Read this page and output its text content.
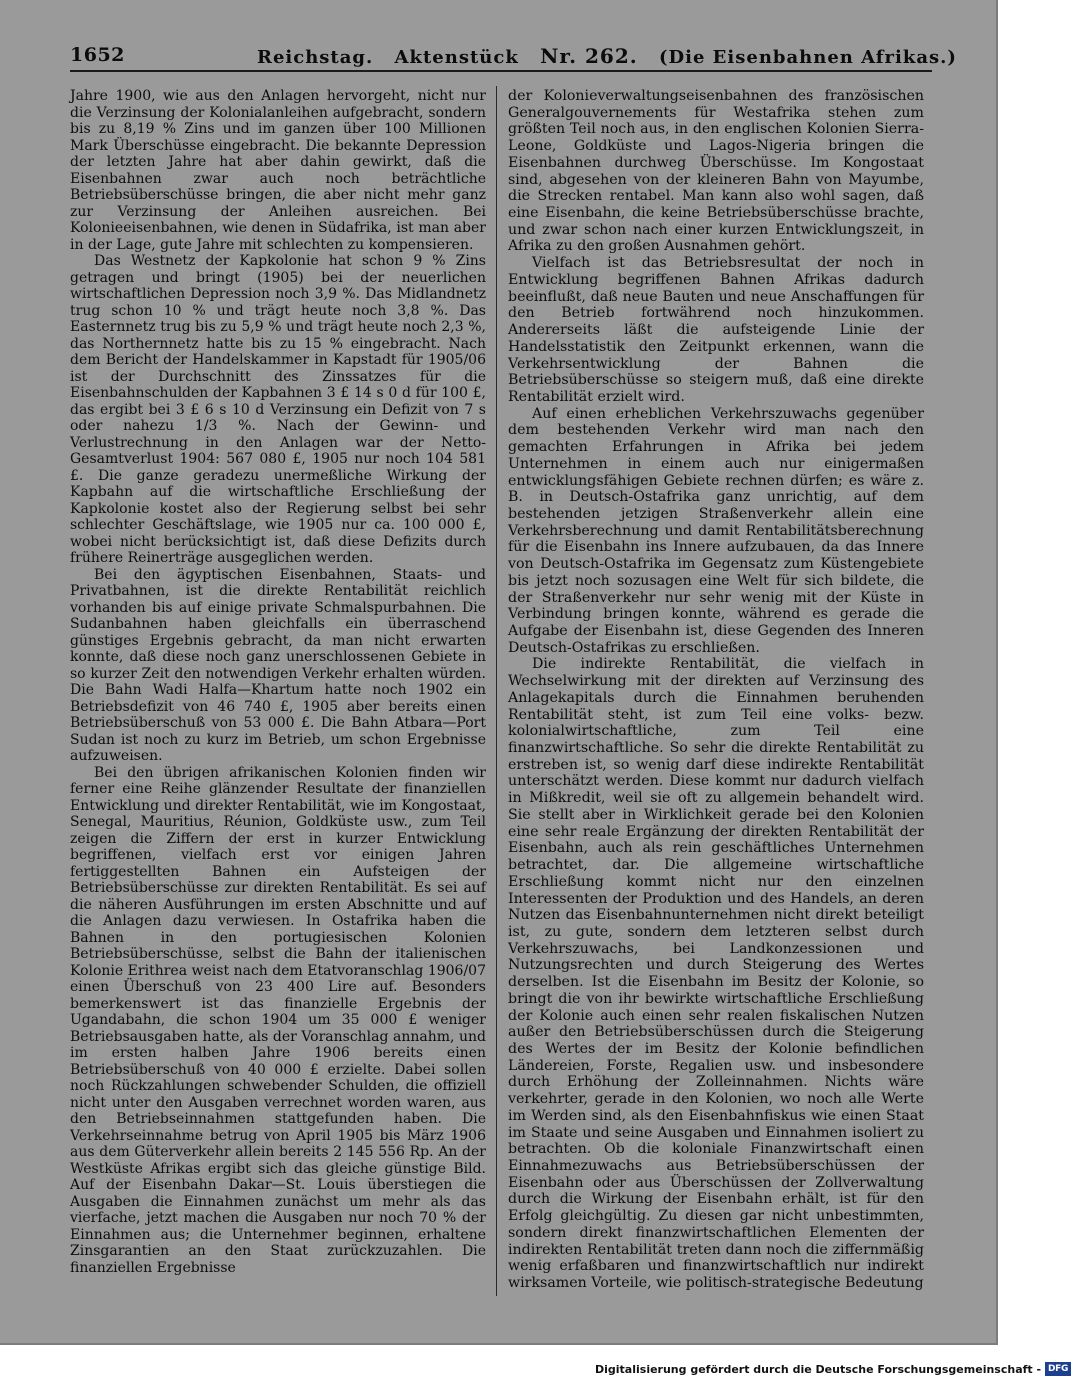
1652	Reichstag. Aktenstück Nr. 262. (Die Eisenbahnen Afrikas.)

Jahre 1900, wie aus den Anlagen hervorgeht, nicht nur die Verzinsung der Kolonialanleihen aufgebracht, sondern bis zu 8,19 % Zins und im ganzen über 100 Millionen Mark Überschüsse eingebracht. Die bekannte Depression der letzten Jahre hat aber dahin gewirkt, daß die Eisenbahnen zwar auch noch beträchtliche Betriebsüberschüsse bringen, die aber nicht mehr ganz zur Verzinsung der Anleihen ausreichen. Bei Kolonieeisenbahnen, wie denen in Südafrika, ist man aber in der Lage, gute Jahre mit schlechten zu kompensieren.

Das Westnetz der Kapkolonie hat schon 9 % Zins getragen und bringt (1905) bei der neuerlichen wirtschaftlichen Depression noch 3,9 %. Das Midlandnetz trug schon 10 % und trägt heute noch 3,8 %. Das Easternnetz trug bis zu 5,9 % und trägt heute noch 2,3 %, das Northernnetz hatte bis zu 15 % eingebracht. Nach dem Bericht der Handelskammer in Kapstadt für 1905/06 ist der Durchschnitt des Zinssatzes für die Eisenbahnschulden der Kapbahnen 3 £ 14 s 0 d für 100 £, das ergibt bei 3 £ 6 s 10 d Verzinsung ein Defizit von 7 s oder nahezu 1/3 %. Nach der Gewinn- und Verlustrechnung in den Anlagen war der Netto-Gesamtverlust 1904: 567 080 £, 1905 nur noch 104 581 £. Die ganze geradezu unermeßliche Wirkung der Kapbahn auf die wirtschaftliche Erschließung der Kapkolonie kostet also der Regierung selbst bei sehr schlechter Geschäftslage, wie 1905 nur ca. 100 000 £, wobei nicht berücksichtigt ist, daß diese Defizits durch frühere Reinerträge ausgeglichen werden.

Bei den ägyptischen Eisenbahnen, Staats- und Privatbahnen, ist die direkte Rentabilität reichlich vorhanden bis auf einige private Schmalspurbahnen. Die Sudanbahnen haben gleichfalls ein überraschend günstiges Ergebnis gebracht, da man nicht erwarten konnte, daß diese noch ganz unerschlossenen Gebiete in so kurzer Zeit den notwendigen Verkehr erhalten würden. Die Bahn Wadi Halfa—Khartum hatte noch 1902 ein Betriebsdefizit von 46 740 £, 1905 aber bereits einen Betriebsüberschuß von 53 000 £. Die Bahn Atbara—Port Sudan ist noch zu kurz im Betrieb, um schon Ergebnisse aufzuweisen.

Bei den übrigen afrikanischen Kolonien finden wir ferner eine Reihe glänzender Resultate der finanziellen Entwicklung und direkter Rentabilität, wie im Kongostaat, Senegal, Mauritius, Réunion, Goldküste usw., zum Teil zeigen die Ziffern der erst in kurzer Entwicklung begriffenen, vielfach erst vor einigen Jahren fertiggestellten Bahnen ein Aufsteigen der Betriebsüberschüsse zur direkten Rentabilität. Es sei auf die näheren Ausführungen im ersten Abschnitte und auf die Anlagen dazu verwiesen. In Ostafrika haben die Bahnen in den portugiesischen Kolonien Betriebsüberschüsse, selbst die Bahn der italienischen Kolonie Erithrea weist nach dem Etatvoranschlag 1906/07 einen Überschuß von 23 400 Lire auf. Besonders bemerkenswert ist das finanzielle Ergebnis der Ugandabahn, die schon 1904 um 35 000 £ weniger Betriebsausgaben hatte, als der Voranschlag annahm, und im ersten halben Jahre 1906 bereits einen Betriebsüberschuß von 40 000 £ erzielte. Dabei sollen noch Rückzahlungen schwebender Schulden, die offiziell nicht unter den Ausgaben verrechnet worden waren, aus den Betriebseinnahmen stattgefunden haben. Die Verkehrseinnahme betrug von April 1905 bis März 1906 aus dem Güterverkehr allein bereits 2 145 556 Rp. An der Westküste Afrikas ergibt sich das gleiche günstige Bild. Auf der Eisenbahn Dakar—St. Louis überstiegen die Ausgaben die Einnahmen zunächst um mehr als das vierfache, jetzt machen die Ausgaben nur noch 70 % der Einnahmen aus; die Unternehmer beginnen, erhaltene Zinsgarantien an den Staat zurückzuzahlen. Die finanziellen Ergebnisse

der Kolonieverwaltungseisenbahnen des französischen Generalgouvernements für Westafrika stehen zum größten Teil noch aus, in den englischen Kolonien Sierra-Leone, Goldküste und Lagos-Nigeria bringen die Eisenbahnen durchweg Überschüsse. Im Kongostaat sind, abgesehen von der kleineren Bahn von Mayumbe, die Strecken rentabel. Man kann also wohl sagen, daß eine Eisenbahn, die keine Betriebsüberschüsse brachte, und zwar schon nach einer kurzen Entwicklungszeit, in Afrika zu den großen Ausnahmen gehört.

Vielfach ist das Betriebsresultat der noch in Entwicklung begriffenen Bahnen Afrikas dadurch beeinflußt, daß neue Bauten und neue Anschaffungen für den Betrieb fortwährend noch hinzukommen. Andererseits läßt die aufsteigende Linie der Handelsstatistik den Zeitpunkt erkennen, wann die Verkehrsentwicklung der Bahnen die Betriebsüberschüsse so steigern muß, daß eine direkte Rentabilität erzielt wird.

Auf einen erheblichen Verkehrszuwachs gegenüber dem bestehenden Verkehr wird man nach den gemachten Erfahrungen in Afrika bei jedem Unternehmen in einem auch nur einigermaßen entwicklungsfähigen Gebiete rechnen dürfen; es wäre z. B. in Deutsch-Ostafrika ganz unrichtig, auf dem bestehenden jetzigen Straßenverkehr allein eine Verkehrsberechnung und damit Rentabilitätsberechnung für die Eisenbahn ins Innere aufzubauen, da das Innere von Deutsch-Ostafrika im Gegensatz zum Küstengebiete bis jetzt noch sozusagen eine Welt für sich bildete, die der Straßenverkehr nur sehr wenig mit der Küste in Verbindung bringen konnte, während es gerade die Aufgabe der Eisenbahn ist, diese Gegenden des Inneren Deutsch-Ostafrikas zu erschließen.

Die indirekte Rentabilität, die vielfach in Wechselwirkung mit der direkten auf Verzinsung des Anlagekapitals durch die Einnahmen beruhenden Rentabilität steht, ist zum Teil eine volks- bezw. kolonialwirtschaftliche, zum Teil eine finanzwirtschaftliche. So sehr die direkte Rentabilität zu erstreben ist, so wenig darf diese indirekte Rentabilität unterschätzt werden. Diese kommt nur dadurch vielfach in Mißkredit, weil sie oft zu allgemein behandelt wird. Sie stellt aber in Wirklichkeit gerade bei den Kolonien eine sehr reale Ergänzung der direkten Rentabilität der Eisenbahn, auch als rein geschäftliches Unternehmen betrachtet, dar. Die allgemeine wirtschaftliche Erschließung kommt nicht nur den einzelnen Interessenten der Produktion und des Handels, an deren Nutzen das Eisenbahnunternehmen nicht direkt beteiligt ist, zu gute, sondern dem letzteren selbst durch Verkehrszuwachs, bei Landkonzessionen und Nutzungsrechten und durch Steigerung des Wertes derselben. Ist die Eisenbahn im Besitz der Kolonie, so bringt die von ihr bewirkte wirtschaftliche Erschließung der Kolonie auch einen sehr realen fiskalischen Nutzen außer den Betriebsüberschüssen durch die Steigerung des Wertes der im Besitz der Kolonie befindlichen Ländereien, Forste, Regalien usw. und insbesondere durch Erhöhung der Zolleinnahmen. Nichts wäre verkehrter, gerade in den Kolonien, wo noch alle Werte im Werden sind, als den Eisenbahnfiskus wie einen Staat im Staate und seine Ausgaben und Einnahmen isoliert zu betrachten. Ob die koloniale Finanzwirtschaft einen Einnahmezuwachs aus Betriebsüberschüssen der Eisenbahn oder aus Überschüssen der Zollverwaltung durch die Wirkung der Eisenbahn erhält, ist für den Erfolg gleichgültig. Zu diesen gar nicht unbestimmten, sondern direkt finanzwirtschaftlichen Elementen der indirekten Rentabilität treten dann noch die ziffernmäßig wenig erfaßbaren und finanzwirtschaftlich nur indirekt wirksamen Vorteile, wie politisch-strategische Bedeutung

Digitalisierung gefördert durch die Deutsche Forschungsgemeinschaft - DFG
